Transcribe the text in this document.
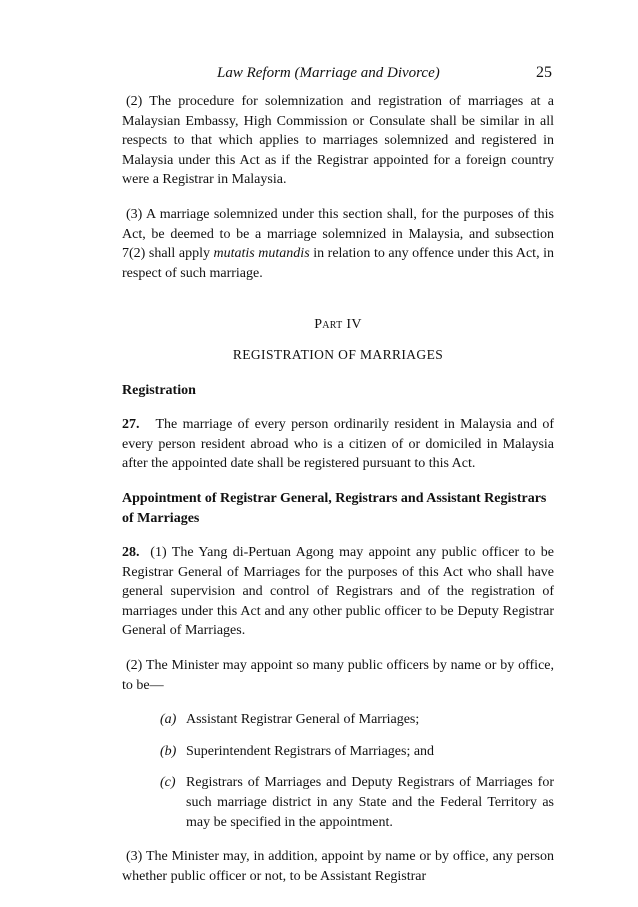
Law Reform (Marriage and Divorce)	25

(2) The procedure for solemnization and registration of marriages at a Malaysian Embassy, High Commission or Consulate shall be similar in all respects to that which applies to marriages solemnized and registered in Malaysia under this Act as if the Registrar appointed for a foreign country were a Registrar in Malaysia.

(3) A marriage solemnized under this section shall, for the purposes of this Act, be deemed to be a marriage solemnized in Malaysia, and subsection 7(2) shall apply mutatis mutandis in relation to any offence under this Act, in respect of such marriage.

Part IV
REGISTRATION OF MARRIAGES
Registration

27. The marriage of every person ordinarily resident in Malaysia and of every person resident abroad who is a citizen of or domiciled in Malaysia after the appointed date shall be registered pursuant to this Act.

Appointment of Registrar General, Registrars and Assistant Registrars of Marriages

28. (1) The Yang di-Pertuan Agong may appoint any public officer to be Registrar General of Marriages for the purposes of this Act who shall have general supervision and control of Registrars and of the registration of marriages under this Act and any other public officer to be Deputy Registrar General of Marriages.

(2) The Minister may appoint so many public officers by name or by office, to be—

(a) Assistant Registrar General of Marriages;
(b) Superintendent Registrars of Marriages; and
(c) Registrars of Marriages and Deputy Registrars of Marriages for such marriage district in any State and the Federal Territory as may be specified in the appointment.

(3) The Minister may, in addition, appoint by name or by office, any person whether public officer or not, to be Assistant Registrar
